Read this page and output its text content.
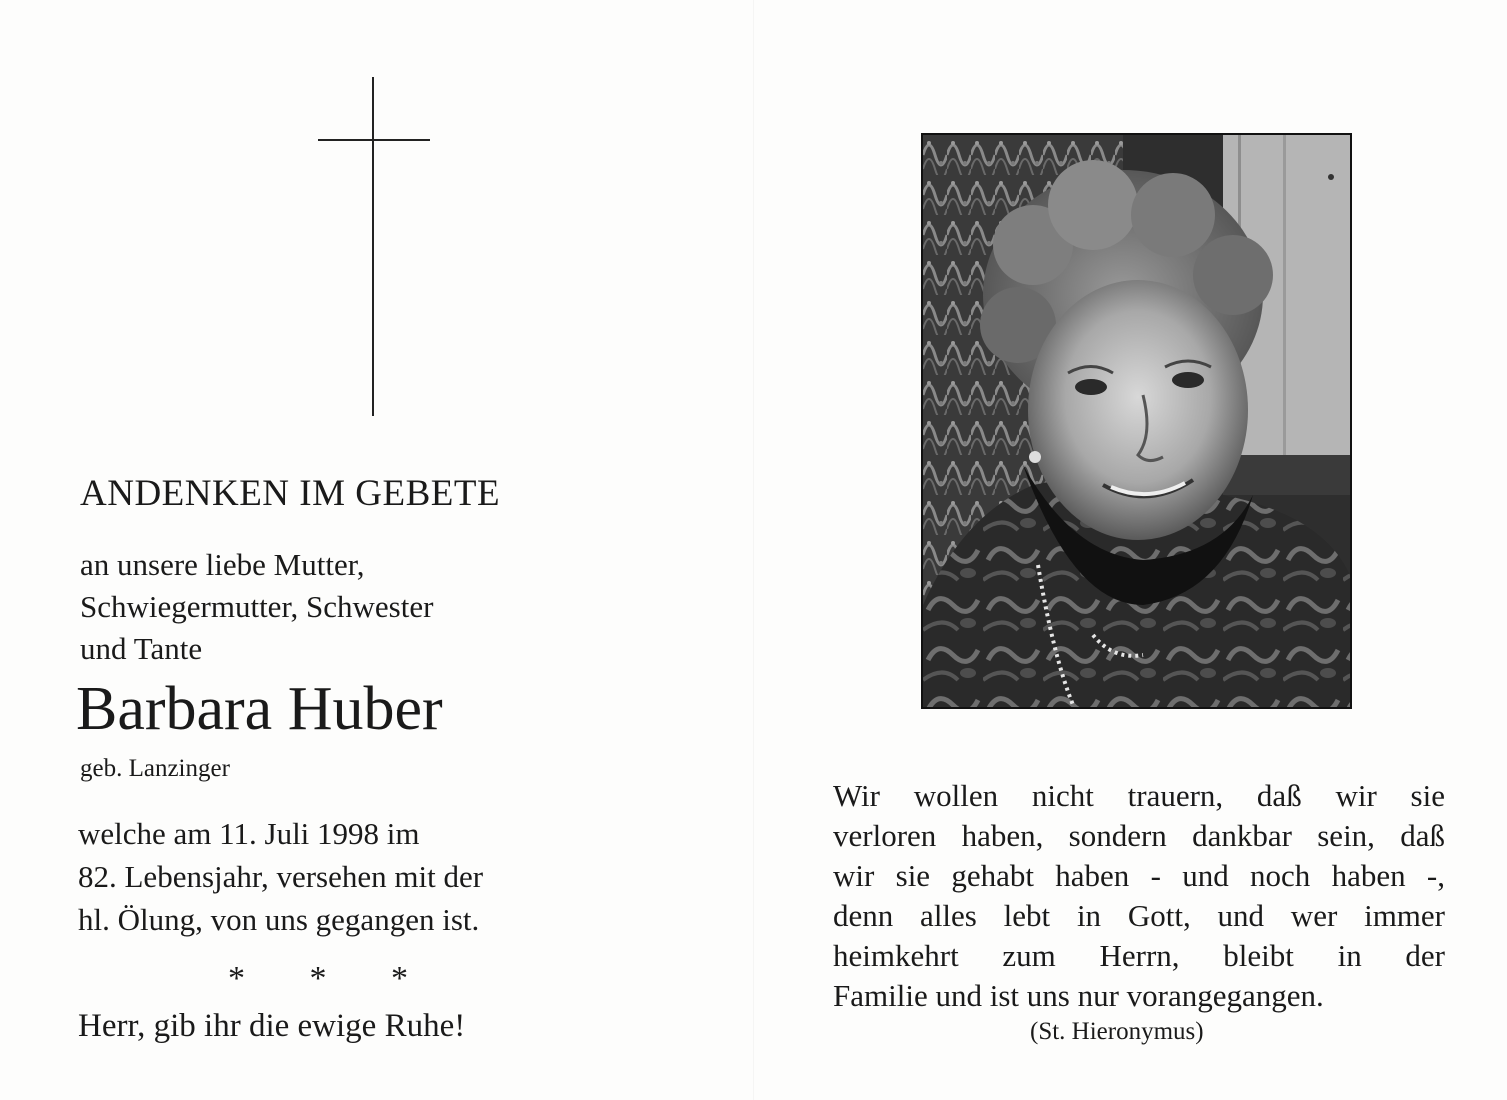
ANDENKEN IM GEBETE
an unsere liebe Mutter,
Schwiegermutter, Schwester
und Tante
Barbara Huber
geb. Lanzinger
welche am 11. Juli 1998 im
82. Lebensjahr, versehen mit der
hl. Ölung, von uns gegangen ist.
* * *
Herr, gib ihr die ewige Ruhe!
Wir wollen nicht trauern, daß wir sie
verloren haben, sondern dankbar sein, daß
wir sie gehabt haben - und noch haben -,
denn alles lebt in Gott, und wer immer
heimkehrt zum Herrn, bleibt in der
Familie und ist uns nur vorangegangen.
(St. Hieronymus)
